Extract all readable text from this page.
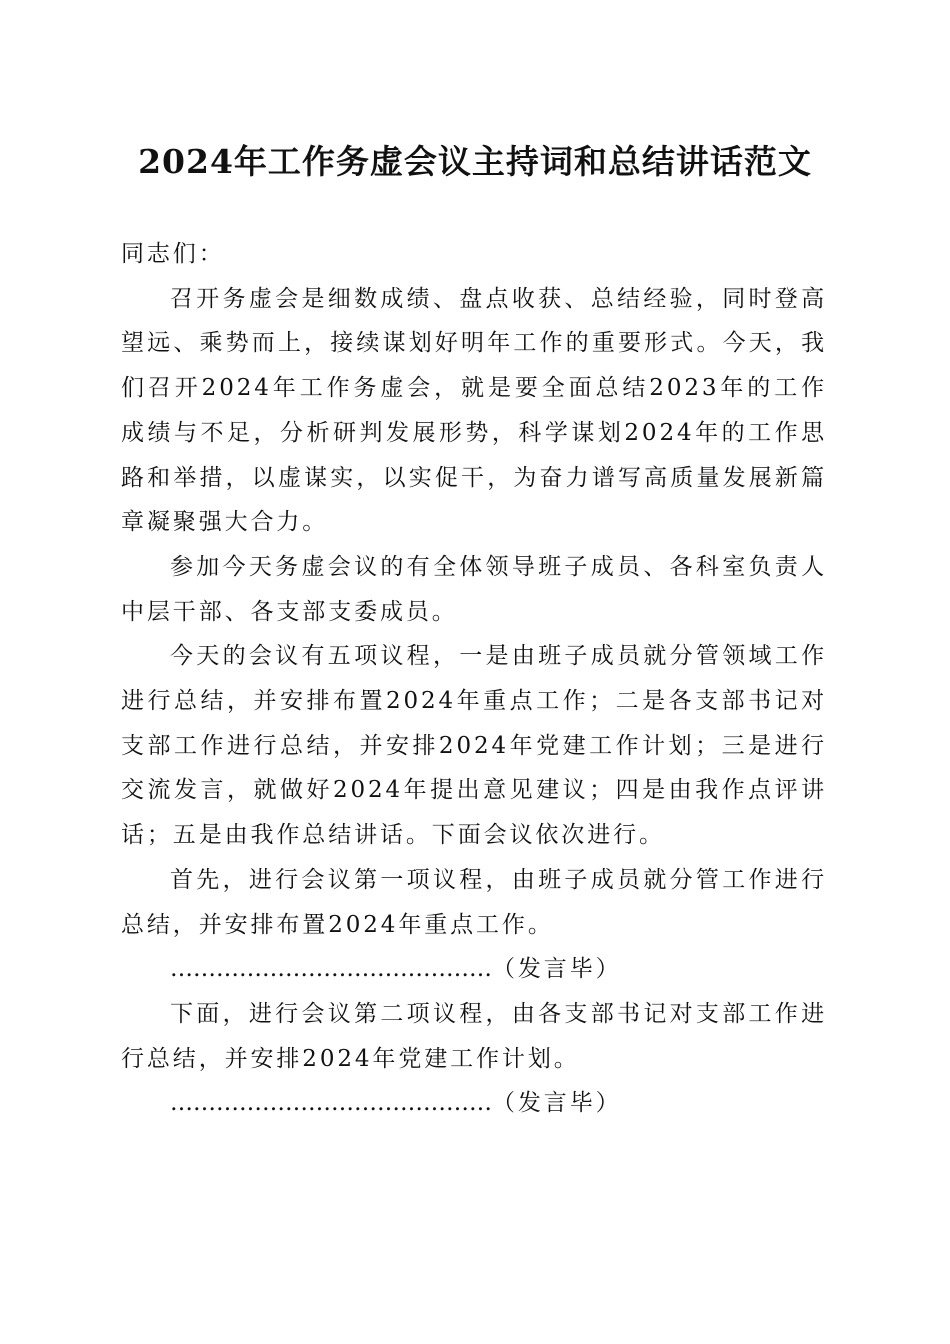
2024年工作务虚会议主持词和总结讲话范文

同志们：

召开务虚会是细数成绩、盘点收获、总结经验，同时登高望远、乘势而上，接续谋划好明年工作的重要形式。今天，我们召开2024年工作务虚会，就是要全面总结2023年的工作成绩与不足，分析研判发展形势，科学谋划2024年的工作思路和举措，以虚谋实，以实促干，为奋力谱写高质量发展新篇章凝聚强大合力。

参加今天务虚会议的有全体领导班子成员、各科室负责人中层干部、各支部支委成员。

今天的会议有五项议程，一是由班子成员就分管领域工作进行总结，并安排布置2024年重点工作；二是各支部书记对支部工作进行总结，并安排2024年党建工作计划；三是进行交流发言，就做好2024年提出意见建议；四是由我作点评讲话；五是由我作总结讲话。下面会议依次进行。

首先，进行会议第一项议程，由班子成员就分管工作进行总结，并安排布置2024年重点工作。

……………………………………（发言毕）

下面，进行会议第二项议程，由各支部书记对支部工作进行总结，并安排2024年党建工作计划。

……………………………………（发言毕）
